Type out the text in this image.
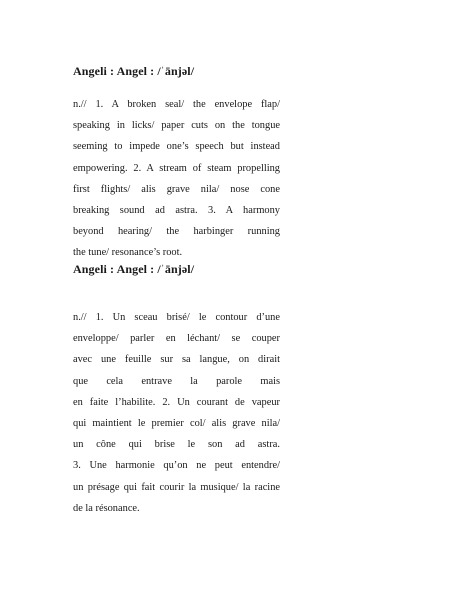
Angeli : Angel : /ˈānjəl/
n.// 1. A broken seal/ the envelope flap/
speaking in licks/ paper cuts on the tongue
seeming to impede one’s speech but instead
empowering. 2. A stream of steam propelling
first flights/ alis grave nila/ nose cone
breaking sound ad astra. 3. A harmony
beyond hearing/ the harbinger running
the tune/ resonance’s root.
Angeli : Angel : /ˈānjəl/
n.// 1. Un sceau brisé/ le contour d’une
enveloppe/ parler en léchant/ se couper
avec une feuille sur sa langue, on dirait
que cela entrave la parole mais
en faite l’habilite. 2. Un courant de vapeur
qui maintient le premier col/ alis grave nila/
un cône qui brise le son ad astra.
3. Une harmonie qu’on ne peut entendre/
un présage qui fait courir la musique/ la racine
de la résonance.
